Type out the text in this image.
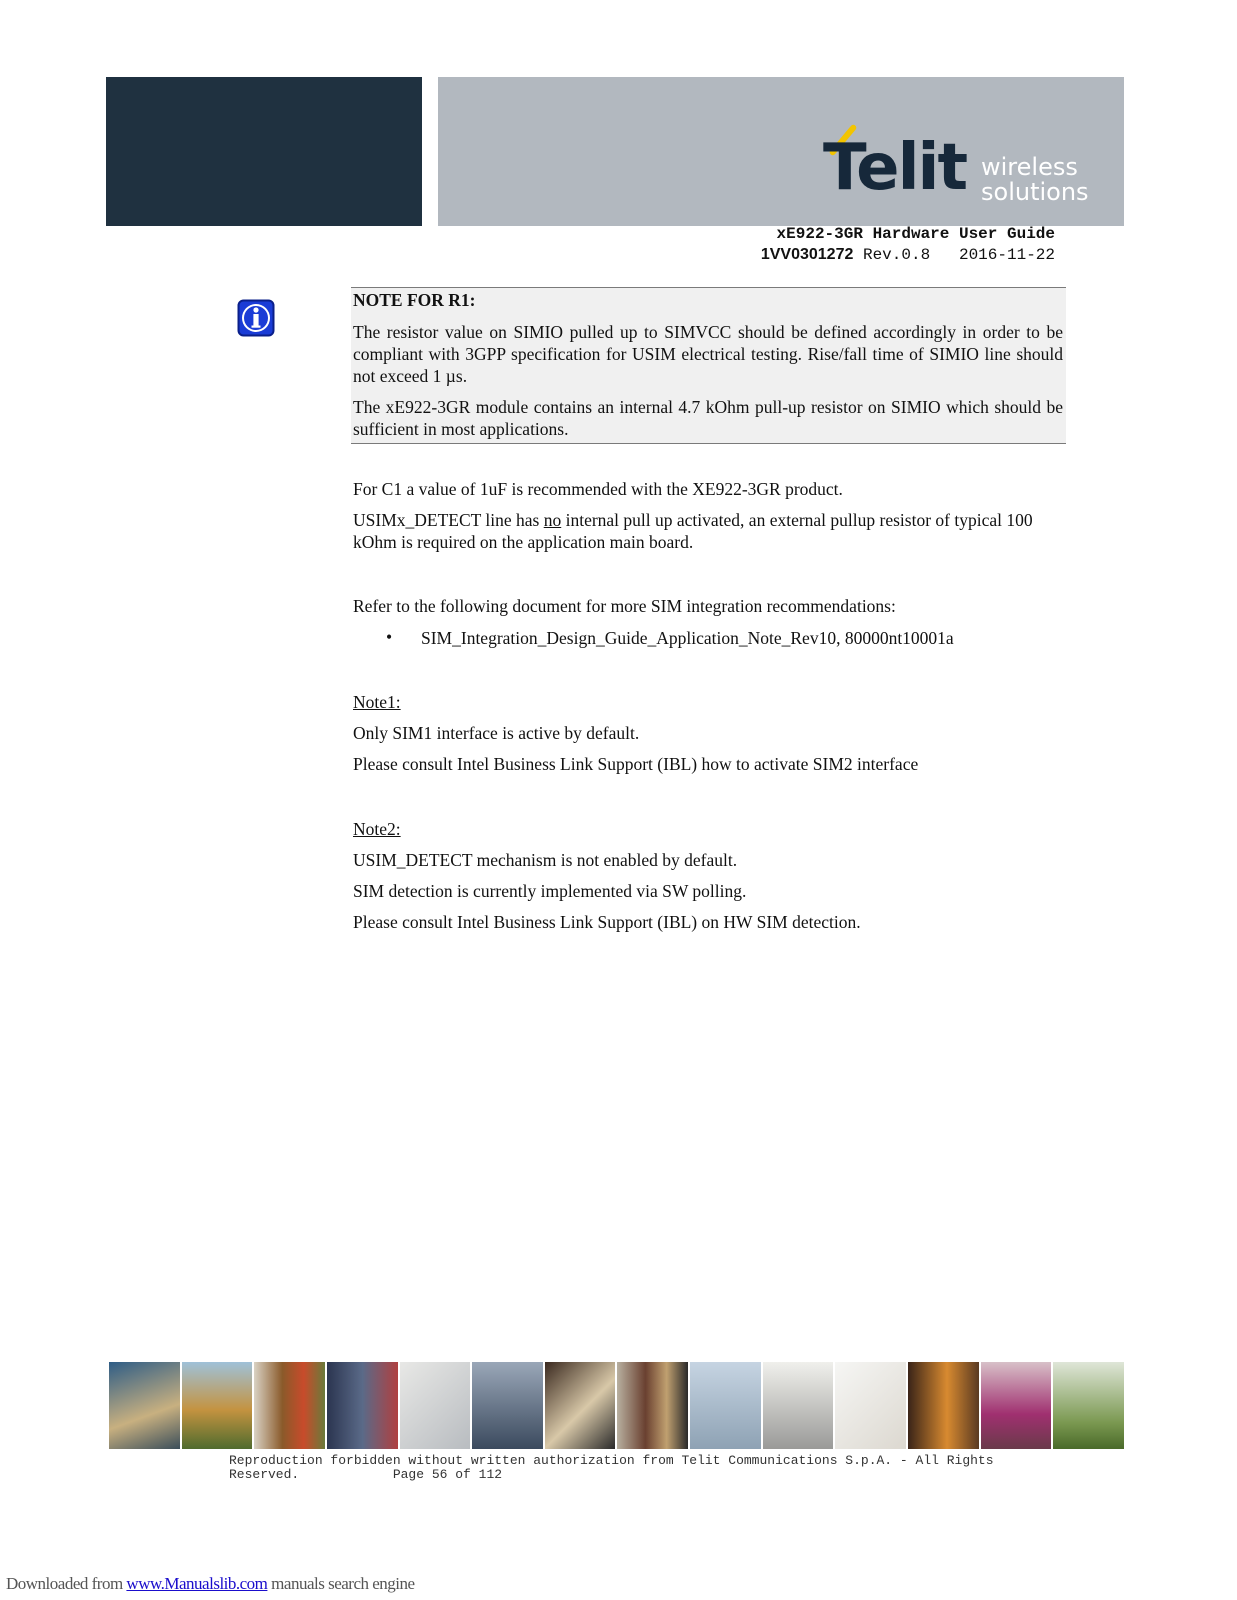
Telit wireless
solutions
xE922-3GR Hardware User Guide
1VV0301272 Rev.0.8   2016-11-22
NOTE FOR R1:
The resistor value on SIMIO pulled up to SIMVCC should be defined accordingly in order to be compliant with 3GPP specification for USIM electrical testing. Rise/fall time of SIMIO line should not exceed 1 µs.
The xE922-3GR module contains an internal 4.7 kOhm pull-up resistor on SIMIO which should be sufficient in most applications.
For C1 a value of 1uF is recommended with the XE922-3GR product.
USIMx_DETECT line has no internal pull up activated, an external pullup resistor of typical 100 kOhm is required on the application main board.
Refer to the following document for more SIM integration recommendations:
• SIM_Integration_Design_Guide_Application_Note_Rev10, 80000nt10001a
Note1:
Only SIM1 interface is active by default.
Please consult Intel Business Link Support (IBL) how to activate SIM2 interface
Note2:
USIM_DETECT mechanism is not enabled by default.
SIM detection is currently implemented via SW polling.
Please consult Intel Business Link Support (IBL) on HW SIM detection.
Reproduction forbidden without written authorization from Telit Communications S.p.A. - All Rights
Reserved.            Page 56 of 112
Downloaded from www.Manualslib.com manuals search engine
